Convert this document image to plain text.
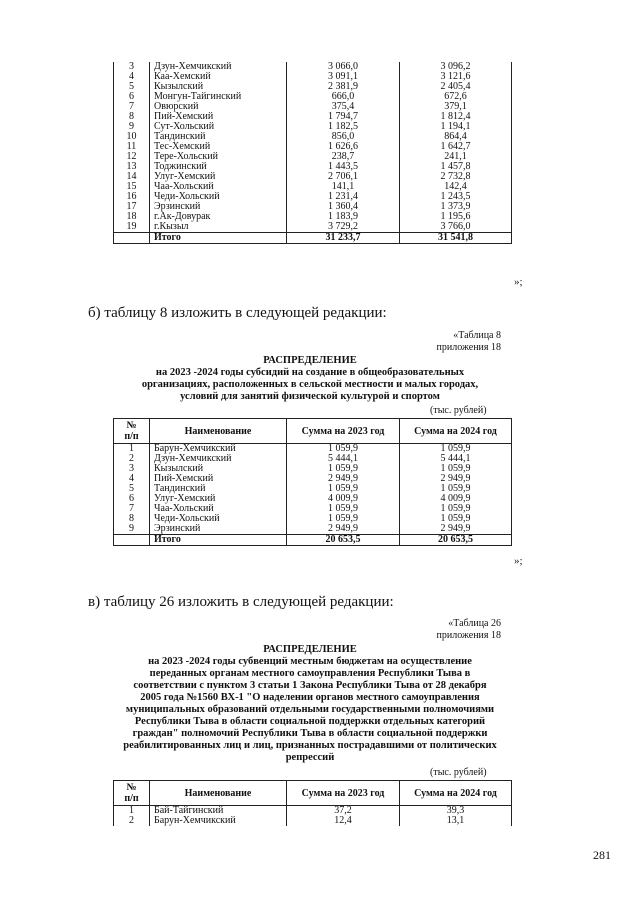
3	Дзун-Хемчикский	3 066,0	3 096,2
4	Каа-Хемский	3 091,1	3 121,6
5	Кызылский	2 381,9	2 405,4
6	Монгун-Тайгинский	666,0	672,6
7	Овюрский	375,4	379,1
8	Пий-Хемский	1 794,7	1 812,4
9	Сут-Хольский	1 182,5	1 194,1
10	Тандинский	856,0	864,4
11	Тес-Хемский	1 626,6	1 642,7
12	Тере-Хольский	238,7	241,1
13	Тоджинский	1 443,5	1 457,8
14	Улуг-Хемский	2 706,1	2 732,8
15	Чаа-Хольский	141,1	142,4
16	Чеди-Хольский	1 231,4	1 243,5
17	Эрзинский	1 360,4	1 373,9
18	г.Ак-Довурак	1 183,9	1 195,6
19	г.Кызыл	3 729,2	3 766,0
	Итого	31 233,7	31 541,8
»;
б) таблицу 8 изложить в следующей редакции:
«Таблица 8
приложения 18
РАСПРЕДЕЛЕНИЕ
на 2023 -2024 годы субсидий на создание в общеобразовательных
организациях, расположенных в сельской местности и малых городах,
условий для занятий физической культурой и спортом
(тыс. рублей)
№
п/п	Наименование	Сумма на 2023 год	Сумма на 2024 год
1	Барун-Хемчикский	1 059,9	1 059,9
2	Дзун-Хемчикский	5 444,1	5 444,1
3	Кызылский	1 059,9	1 059,9
4	Пий-Хемский	2 949,9	2 949,9
5	Тандинский	1 059,9	1 059,9
6	Улуг-Хемский	4 009,9	4 009,9
7	Чаа-Хольский	1 059,9	1 059,9
8	Чеди-Хольский	1 059,9	1 059,9
9	Эрзинский	2 949,9	2 949,9
	Итого	20 653,5	20 653,5
»;
в) таблицу 26 изложить в следующей редакции:
«Таблица 26
приложения 18
РАСПРЕДЕЛЕНИЕ
на 2023 -2024 годы субвенций местным бюджетам на осуществление
переданных органам местного самоуправления Республики Тыва в
соответствии с пунктом 3 статьи 1 Закона Республики Тыва от 28 декабря
2005 года №1560 ВХ-1 "О наделении органов местного самоуправления
муниципальных образований отдельными государственными полномочиями
Республики Тыва в области социальной поддержки отдельных категорий
граждан" полномочий Республики Тыва в области социальной поддержки
реабилитированных лиц и лиц, признанных пострадавшими от политических
репрессий
(тыс. рублей)
№
п/п	Наименование	Сумма на 2023 год	Сумма на 2024 год
1	Бай-Тайгинский	37,2	39,3
2	Барун-Хемчикский	12,4	13,1
281
